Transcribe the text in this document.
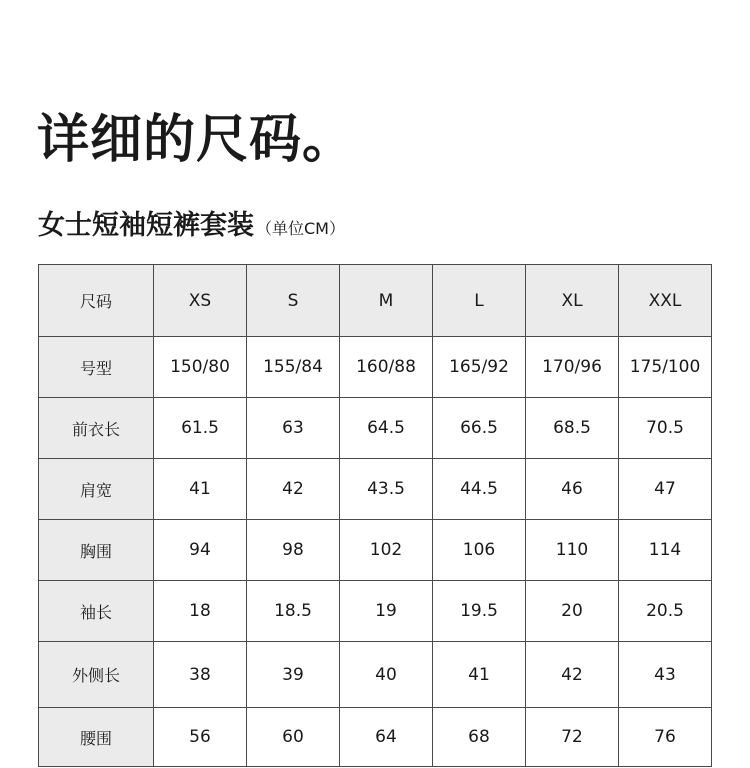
详细的尺码。
女士短袖短裤套装 （单位CM）
尺码	XS	S	M	L	XL	XXL
号型	150/80	155/84	160/88	165/92	170/96	175/100
前衣长	61.5	63	64.5	66.5	68.5	70.5
肩宽	41	42	43.5	44.5	46	47
胸围	94	98	102	106	110	114
袖长	18	18.5	19	19.5	20	20.5
外侧长	38	39	40	41	42	43
腰围	56	60	64	68	72	76
